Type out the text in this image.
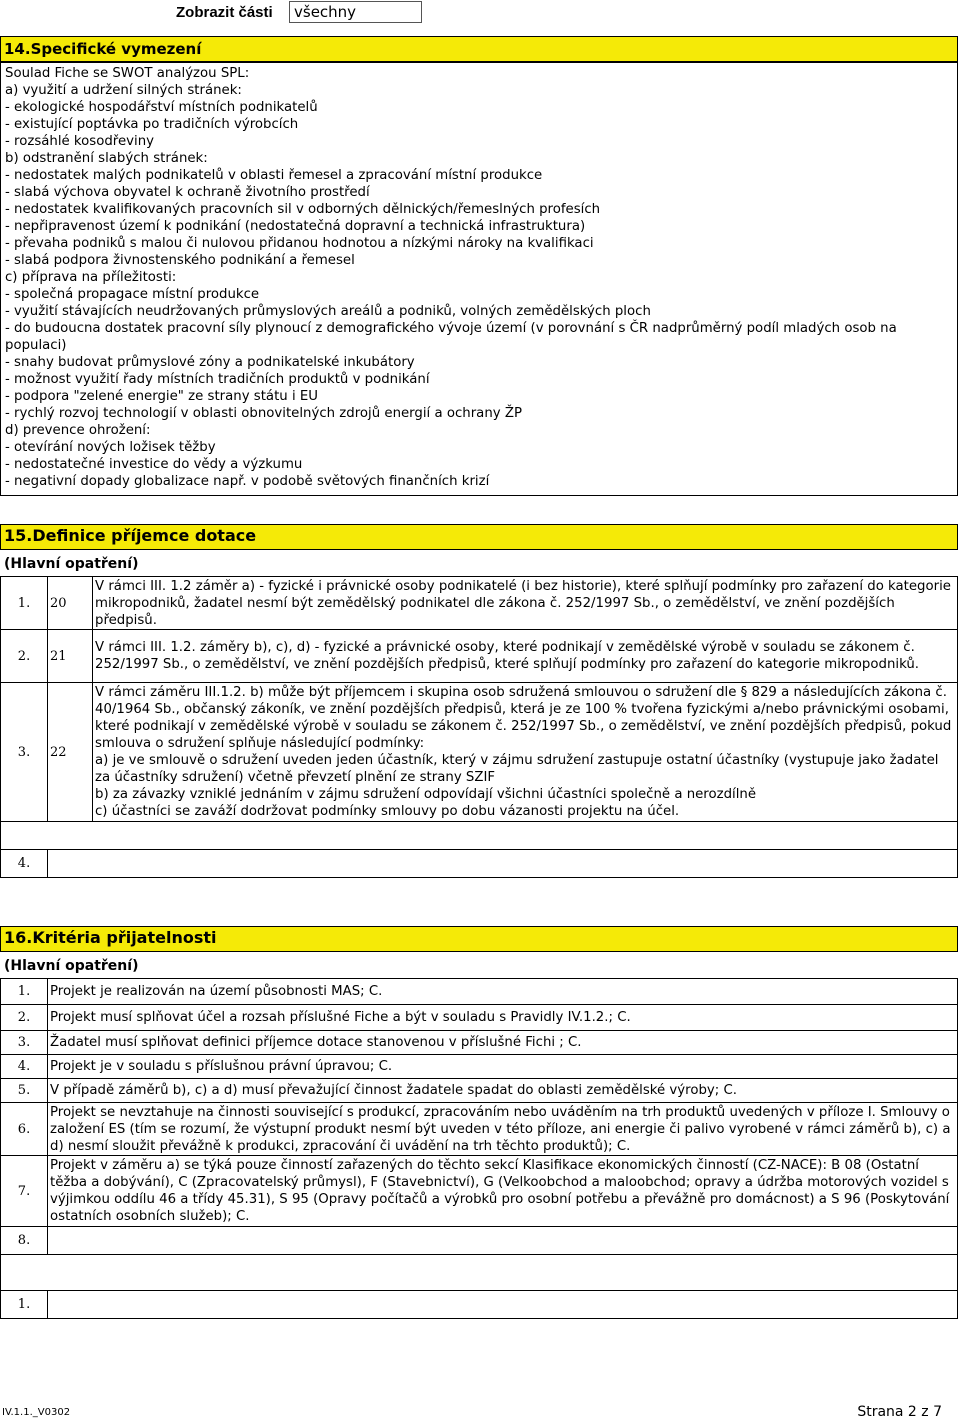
Zobrazit části	všechny
14.Specifické vymezení
Soulad Fiche se SWOT analýzou SPL:
a) využití a udržení silných stránek:
- ekologické hospodářství místních podnikatelů
- existující poptávka po tradičních výrobcích
- rozsáhlé kosodřeviny
b) odstranění slabých stránek:
- nedostatek malých podnikatelů v oblasti řemesel a zpracování místní produkce
- slabá výchova obyvatel k ochraně životního prostředí
- nedostatek kvalifikovaných pracovních sil v odborných dělnických/řemeslných profesích
- nepřipravenost území k podnikání (nedostatečná dopravní a technická infrastruktura)
- převaha podniků s malou či nulovou přidanou hodnotou a nízkými nároky na kvalifikaci
- slabá podpora živnostenského podnikání a řemesel
c) příprava na příležitosti:
- společná propagace místní produkce
- využití stávajících neudržovaných průmyslových areálů a podniků, volných zemědělských ploch
- do budoucna dostatek pracovní síly plynoucí z demografického vývoje území (v porovnání s ČR nadprůměrný podíl mladých osob na populaci)
- snahy budovat průmyslové zóny a podnikatelské inkubátory
- možnost využití řady místních tradičních produktů v podnikání
- podpora "zelené energie" ze strany státu i EU
- rychlý rozvoj technologií v oblasti obnovitelných zdrojů energií a ochrany ŽP
d) prevence ohrožení:
- otevírání nových ložisek těžby
- nedostatečné investice do vědy a výzkumu
- negativní dopady globalizace např. v podobě světových finančních krizí
15.Definice příjemce dotace
(Hlavní opatření)
1.	20	V rámci III. 1.2 záměr a) - fyzické i právnické osoby podnikatelé (i bez historie), které splňují podmínky pro zařazení do kategorie mikropodniků, žadatel nesmí být zemědělský podnikatel dle zákona č. 252/1997 Sb., o zemědělství, ve znění pozdějších předpisů.
2.	21	V rámci III. 1.2. záměry b), c), d) - fyzické a právnické osoby, které podnikají v zemědělské výrobě v souladu se zákonem č. 252/1997 Sb., o zemědělství, ve znění pozdějších předpisů, které splňují podmínky pro zařazení do kategorie mikropodniků.
3.	22	V rámci záměru III.1.2. b) může být příjemcem i skupina osob sdružená smlouvou o sdružení dle § 829 a následujících zákona č. 40/1964 Sb., občanský zákoník, ve znění pozdějších předpisů, která je ze 100 % tvořena fyzickými a/nebo právnickými osobami, které podnikají v zemědělské výrobě v souladu se zákonem č. 252/1997 Sb., o zemědělství, ve znění pozdějších předpisů, pokud smlouva o sdružení splňuje následující podmínky:
a) je ve smlouvě o sdružení uveden jeden účastník, který v zájmu sdružení zastupuje ostatní účastníky (vystupuje jako žadatel za účastníky sdružení) včetně převzetí plnění ze strany SZIF
b) za závazky vzniklé jednáním v zájmu sdružení odpovídají všichni účastníci společně a nerozdílně
c) účastníci se zaváží dodržovat podmínky smlouvy po dobu vázanosti projektu na účel.

4.		
16.Kritéria přijatelnosti
(Hlavní opatření)
1.	Projekt je realizován na území působnosti MAS; C.
2.	Projekt musí splňovat účel a rozsah příslušné Fiche a být v souladu s Pravidly IV.1.2.; C.
3.	Žadatel musí splňovat definici příjemce dotace stanovenou v příslušné Fichi ; C.
4.	Projekt je v souladu s příslušnou právní úpravou; C.
5.	V případě záměrů b), c) a d) musí převažující činnost žadatele spadat do oblasti zemědělské výroby; C.
6.	Projekt se nevztahuje na činnosti související s produkcí, zpracováním nebo uváděním na trh produktů uvedených v příloze I. Smlouvy o založení ES (tím se rozumí, že výstupní produkt nesmí být uveden v této příloze, ani energie či palivo vyrobené v rámci záměrů b), c) a d) nesmí sloužit převážně k produkci, zpracování či uvádění na trh těchto produktů); C.
7.	Projekt v záměru a) se týká pouze činností zařazených do těchto sekcí Klasifikace ekonomických činností (CZ-NACE): B 08 (Ostatní těžba a dobývání), C (Zpracovatelský průmysl), F (Stavebnictví), G (Velkoobchod a maloobchod; opravy a údržba motorových vozidel s výjimkou oddílu 46 a třídy 45.31), S 95 (Opravy počítačů a výrobků pro osobní potřebu a převážně pro domácnost) a S 96 (Poskytování ostatních osobních služeb); C.
8.	

1.	
IV.1.1._V0302	Strana 2 z 7
